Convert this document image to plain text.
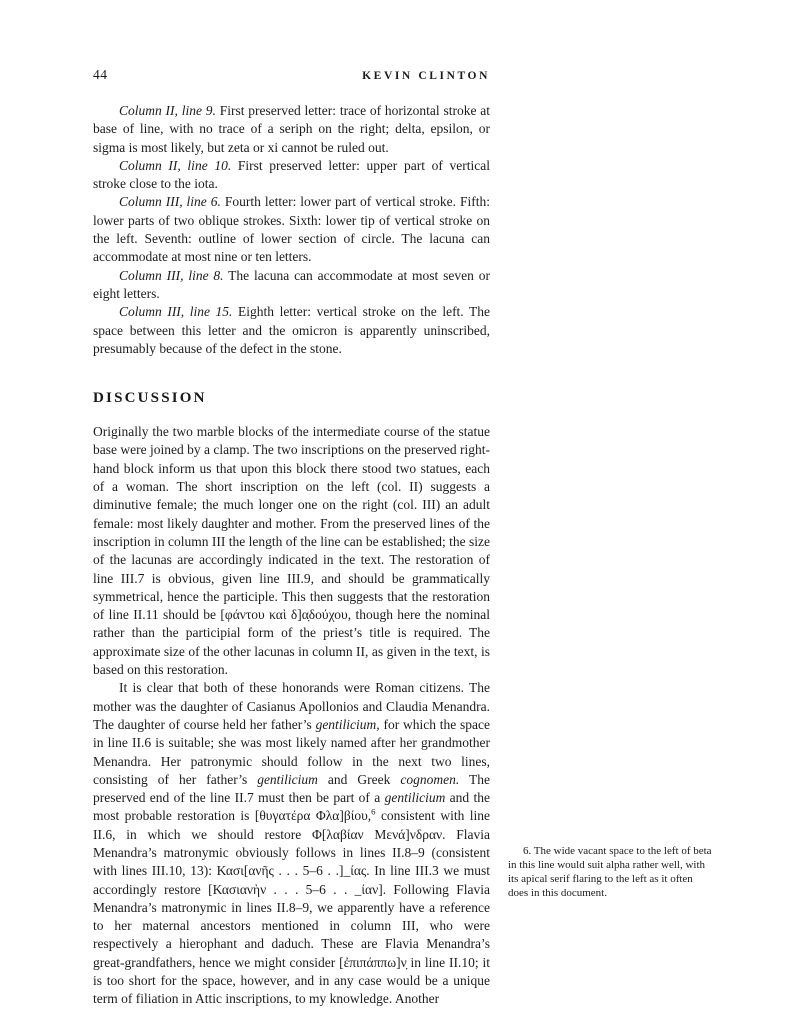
44	KEVIN CLINTON

Column II, line 9. First preserved letter: trace of horizontal stroke at base of line, with no trace of a seriph on the right; delta, epsilon, or sigma is most likely, but zeta or xi cannot be ruled out.

Column II, line 10. First preserved letter: upper part of vertical stroke close to the iota.

Column III, line 6. Fourth letter: lower part of vertical stroke. Fifth: lower parts of two oblique strokes. Sixth: lower tip of vertical stroke on the left. Seventh: outline of lower section of circle. The lacuna can accommodate at most nine or ten letters.

Column III, line 8. The lacuna can accommodate at most seven or eight letters.

Column III, line 15. Eighth letter: vertical stroke on the left. The space between this letter and the omicron is apparently uninscribed, presumably because of the defect in the stone.

DISCUSSION

Originally the two marble blocks of the intermediate course of the statue base were joined by a clamp. The two inscriptions on the preserved right-hand block inform us that upon this block there stood two statues, each of a woman. The short inscription on the left (col. II) suggests a diminutive female; the much longer one on the right (col. III) an adult female: most likely daughter and mother. From the preserved lines of the inscription in column III the length of the line can be established; the size of the lacunas are accordingly indicated in the text. The restoration of line III.7 is obvious, given line III.9, and should be grammatically symmetrical, hence the participle. This then suggests that the restoration of line II.11 should be [φάντου καὶ δ]α̣δούχου, though here the nominal rather than the participial form of the priest’s title is required. The approximate size of the other lacunas in column II, as given in the text, is based on this restoration.

It is clear that both of these honorands were Roman citizens. The mother was the daughter of Casianus Apollonios and Claudia Menandra. The daughter of course held her father’s gentilicium, for which the space in line II.6 is suitable; she was most likely named after her grandmother Menandra. Her patronymic should follow in the next two lines, consisting of her father’s gentilicium and Greek cognomen. The preserved end of the line II.7 must then be part of a gentilicium and the most probable restoration is [θυγατέρα Φλα]βίου,$^6$ consistent with line II.6, in which we should restore Φ[λαβίαν Μενά]νδραν. Flavia Menandra’s matronymic obviously follows in lines II.8–9 (consistent with lines III.10, 13): Κασι[ανῆς . . . 5–6 . .]_ίας. In line III.3 we must accordingly restore [Κασιανὴν . . . 5–6 . . _ίαν]. Following Flavia Menandra’s matronymic in lines II.8–9, we apparently have a reference to her maternal ancestors mentioned in column III, who were respectively a hierophant and daduch. These are Flavia Menandra’s great-grandfathers, hence we might consider [ἐπιπάππω]ν̣ in line II.10; it is too short for the space, however, and in any case would be a unique term of filiation in Attic inscriptions, to my knowledge. Another

6. The wide vacant space to the left of beta in this line would suit alpha rather well, with its apical serif flaring to the left as it often does in this document.
